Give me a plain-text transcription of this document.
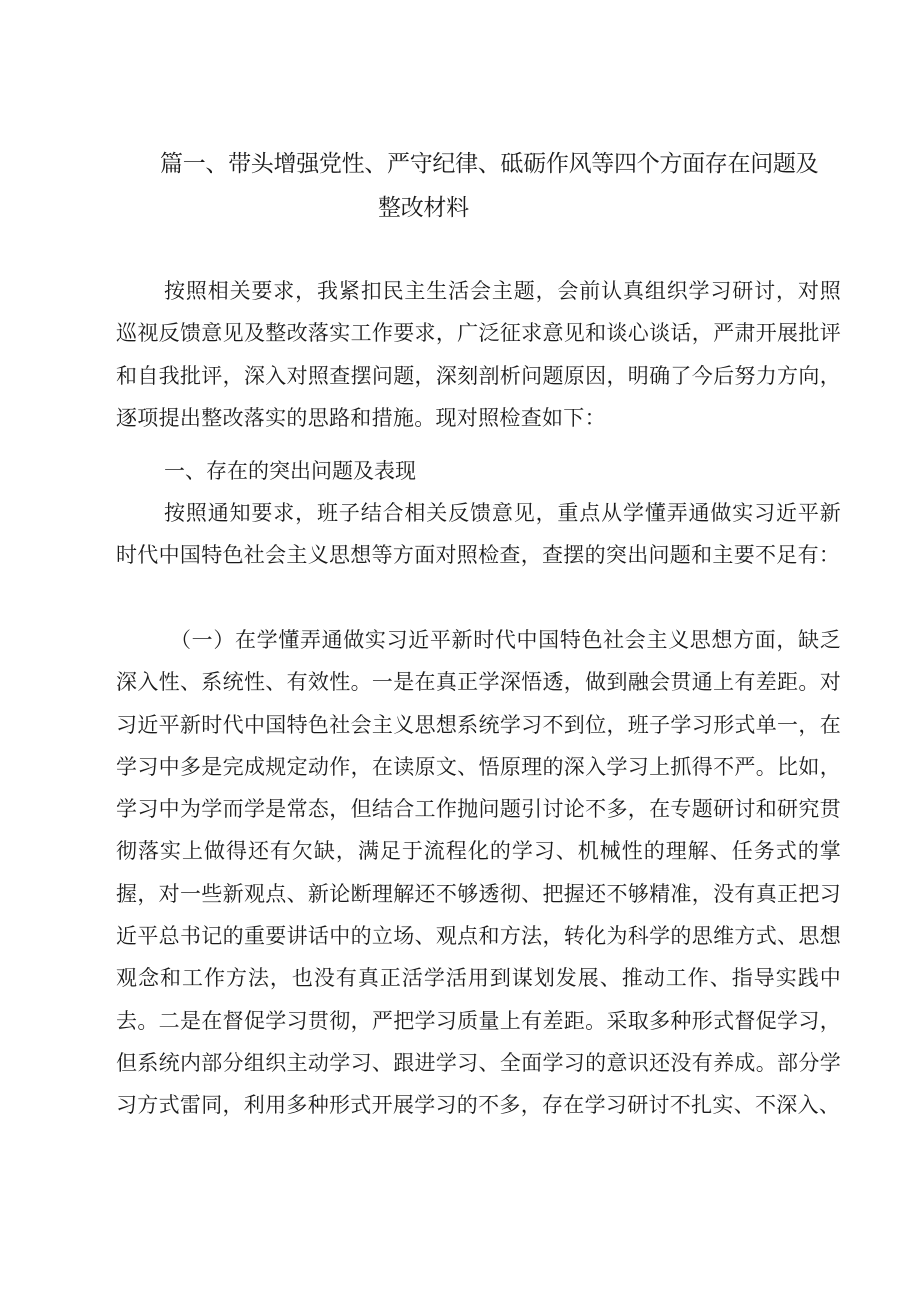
篇一、带头增强党性、严守纪律、砥砺作风等四个方面存在问题及
整改材料

按照相关要求，我紧扣民主生活会主题，会前认真组织学习研讨，对照巡视反馈意见及整改落实工作要求，广泛征求意见和谈心谈话，严肃开展批评和自我批评，深入对照查摆问题，深刻剖析问题原因，明确了今后努力方向，逐项提出整改落实的思路和措施。现对照检查如下：

一、存在的突出问题及表现

按照通知要求，班子结合相关反馈意见，重点从学懂弄通做实习近平新时代中国特色社会主义思想等方面对照检查，查摆的突出问题和主要不足有：

（一）在学懂弄通做实习近平新时代中国特色社会主义思想方面，缺乏深入性、系统性、有效性。一是在真正学深悟透，做到融会贯通上有差距。对习近平新时代中国特色社会主义思想系统学习不到位，班子学习形式单一，在学习中多是完成规定动作，在读原文、悟原理的深入学习上抓得不严。比如，学习中为学而学是常态，但结合工作抛问题引讨论不多，在专题研讨和研究贯彻落实上做得还有欠缺，满足于流程化的学习、机械性的理解、任务式的掌握，对一些新观点、新论断理解还不够透彻、把握还不够精准，没有真正把习近平总书记的重要讲话中的立场、观点和方法，转化为科学的思维方式、思想观念和工作方法，也没有真正活学活用到谋划发展、推动工作、指导实践中去。二是在督促学习贯彻，严把学习质量上有差距。采取多种形式督促学习，但系统内部分组织主动学习、跟进学习、全面学习的意识还没有养成。部分学习方式雷同，利用多种形式开展学习的不多，存在学习研讨不扎实、不深入、
